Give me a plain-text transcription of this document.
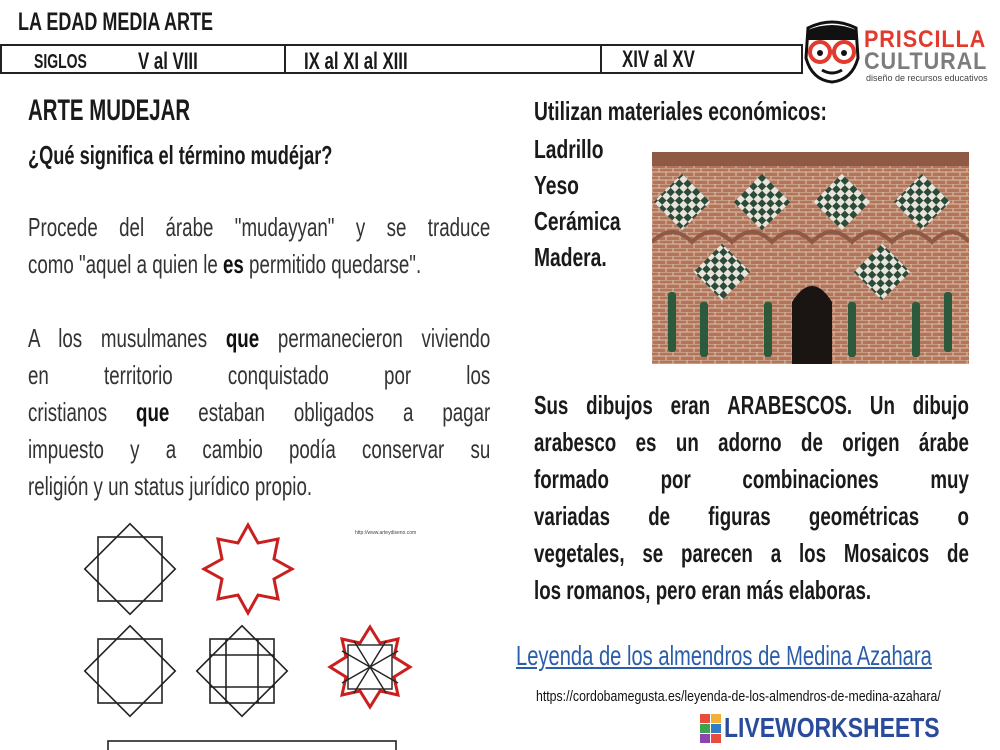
LA EDAD MEDIA ARTE
SIGLOS V al VIII	IX al XI al XIII	XIV al XV
PRISCILLA
CULTURAL
diseño de recursos educativos
ARTE MUDEJAR
¿Qué significa el término mudéjar?
Procede del árabe "mudayyan" y se traduce
como "aquel a quien le es permitido quedarse".
A los musulmanes que permanecieron viviendo
en territorio conquistado por los
cristianos que estaban obligados a pagar
impuesto y a cambio podía conservar su
religión y un status jurídico propio.
http://www.arteydiseno.com
Utilizan materiales económicos:
Ladrillo
Yeso
Cerámica
Madera.
Sus dibujos eran ARABESCOS. Un dibujo
arabesco es un adorno de origen árabe
formado por combinaciones muy
variadas de figuras geométricas o
vegetales, se parecen a los Mosaicos de
los romanos, pero eran más elaboras.
Leyenda de los almendros de Medina Azahara
https://cordobamegusta.es/leyenda-de-los-almendros-de-medina-azahara/
LIVEWORKSHEETS
